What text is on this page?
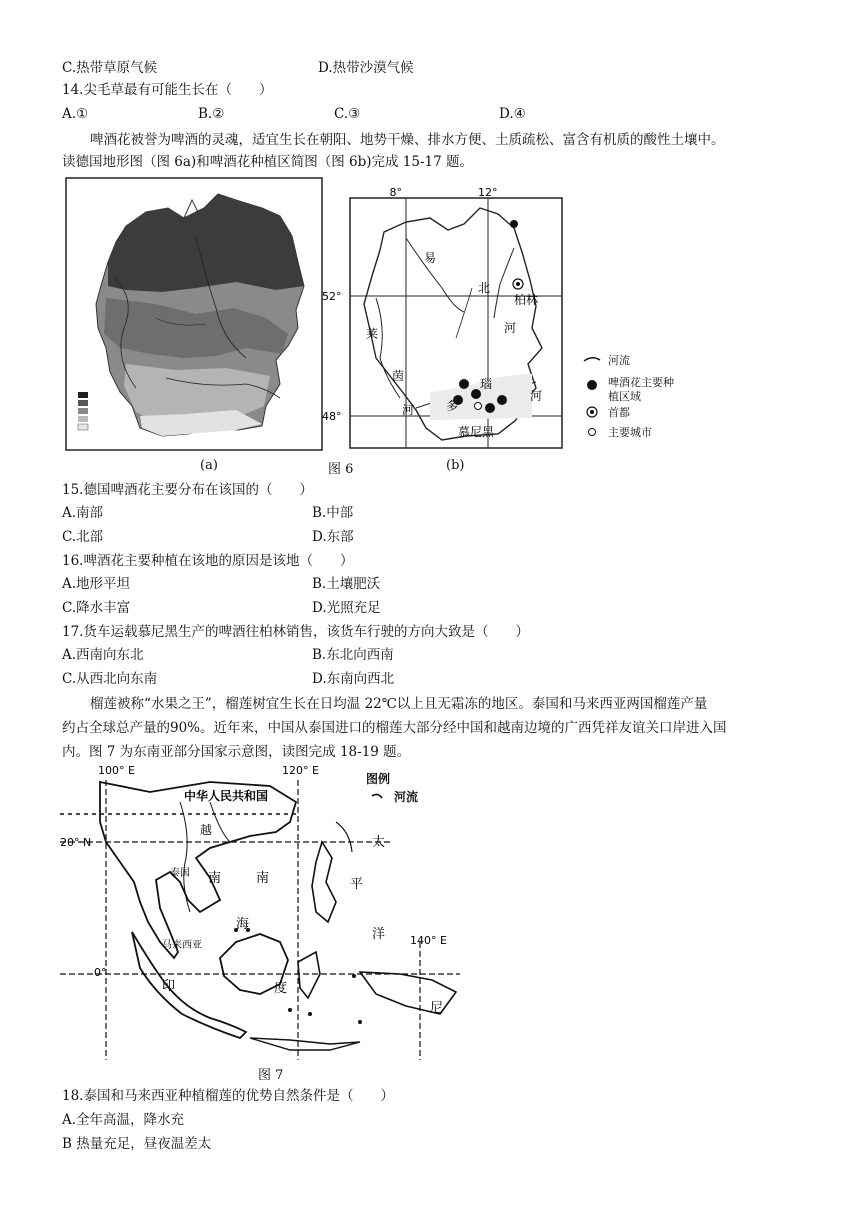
C.热带草原气候	D.热带沙漠气候
14.尖毛草最有可能生长在（　　）
A.①	B.②	C.③	D.④
啤酒花被誉为啤酒的灵魂，适宜生长在朝阳、地势干燥、排水方便、土质疏松、富含有机质的酸性土壤中。
读德国地形图（图 6a)和啤酒花种植区简图（图 6b)完成 15-17 题。
8°	12°
52°
48°
易
北
柏林
河
莱
茵
河	多
瑙
河
慕尼黑
河流
啤酒花主要种植区域
首都
主要城市
(a)	图 6	(b)
15.德国啤酒花主要分布在该国的（　　）
A.南部	B.中部
C.北部	D.东部
16.啤酒花主要种植在该地的原因是该地（　　）
A.地形平坦	B.土壤肥沃
C.降水丰富	D.光照充足
17.货车运载慕尼黑生产的啤酒往柏林销售，该货车行驶的方向大致是（　　）
A.西南向东北	B.东北向西南
C.从西北向东南	D.东南向西北
榴莲被称“水果之王”，榴莲树宜生长在日均温 22℃以上且无霜冻的地区。泰国和马来西亚两国榴莲产量
约占全球总产量的90%。近年来，中国从泰国进口的榴莲大部分经中国和越南边境的广西凭祥友谊关口岸进入国
内。图 7 为东南亚部分国家示意图，读图完成 18-19 题。
100° E	120° E
140° E
20° N
0°
中华人民共和国
越
泰国 南	南
海
马来西亚
太
平
洋
印	度
尼
图例
河流
图 7
18.泰国和马来西亚种植榴莲的优势自然条件是（　　）
A.全年高温，降水充
B 热量充足，昼夜温差太
